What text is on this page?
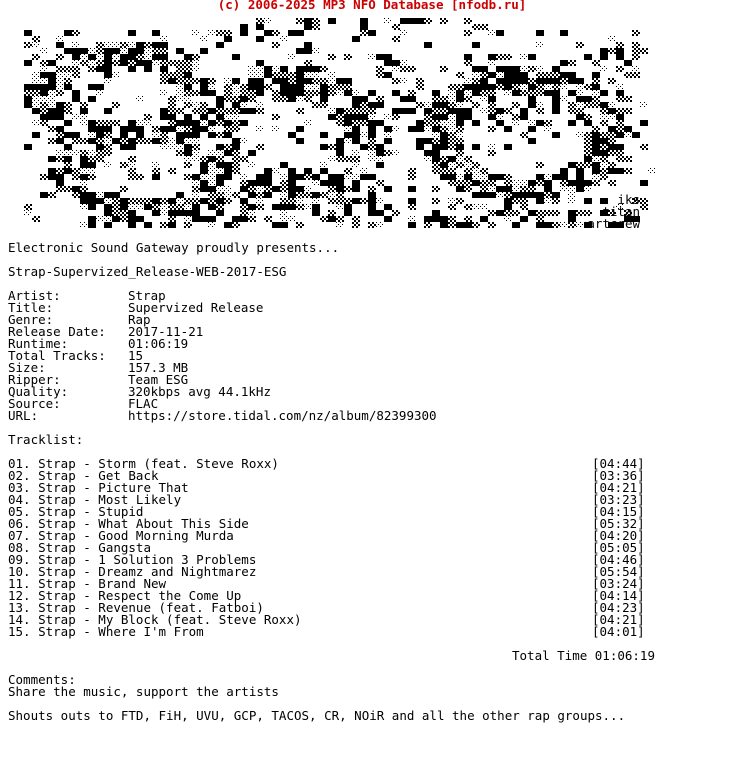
(c) 2006-2025 MP3 NFO Database [nfodb.ru]
iks
titan
artcrew
Electronic Sound Gateway proudly presents...
Strap-Supervized_Release-WEB-2017-ESG
Artist:	Strap
Title:	Supervized Release
Genre:	Rap
Release Date: 2017-11-21
Runtime:	01:06:19
Total Tracks: 15
Size:	157.3 MB
Ripper:	Team ESG
Quality:	320kbps avg 44.1kHz
Source:	FLAC
URL:	https://store.tidal.com/nz/album/82399300
Tracklist:
01. Strap - Storm (feat. Steve Roxx)	[04:44]
02. Strap - Get Back	[03:36]
03. Strap - Picture That	[04:21]
04. Strap - Most Likely	[03:23]
05. Strap - Stupid	[04:15]
06. Strap - What About This Side	[05:32]
07. Strap - Good Morning Murda	[04:20]
08. Strap - Gangsta	[05:05]
09. Strap - 1 Solution 3 Problems	[04:46]
10. Strap - Dreamz and Nightmarez	[05:54]
11. Strap - Brand New	[03:24]
12. Strap - Respect the Come Up	[04:14]
13. Strap - Revenue (feat. Fatboi)	[04:23]
14. Strap - My Block (feat. Steve Roxx)	[04:21]
15. Strap - Where I'm From	[04:01]
Total Time 01:06:19
Comments:
Share the music, support the artists
Shouts outs to FTD, FiH, UVU, GCP, TACOS, CR, NOiR and all the other rap groups...
